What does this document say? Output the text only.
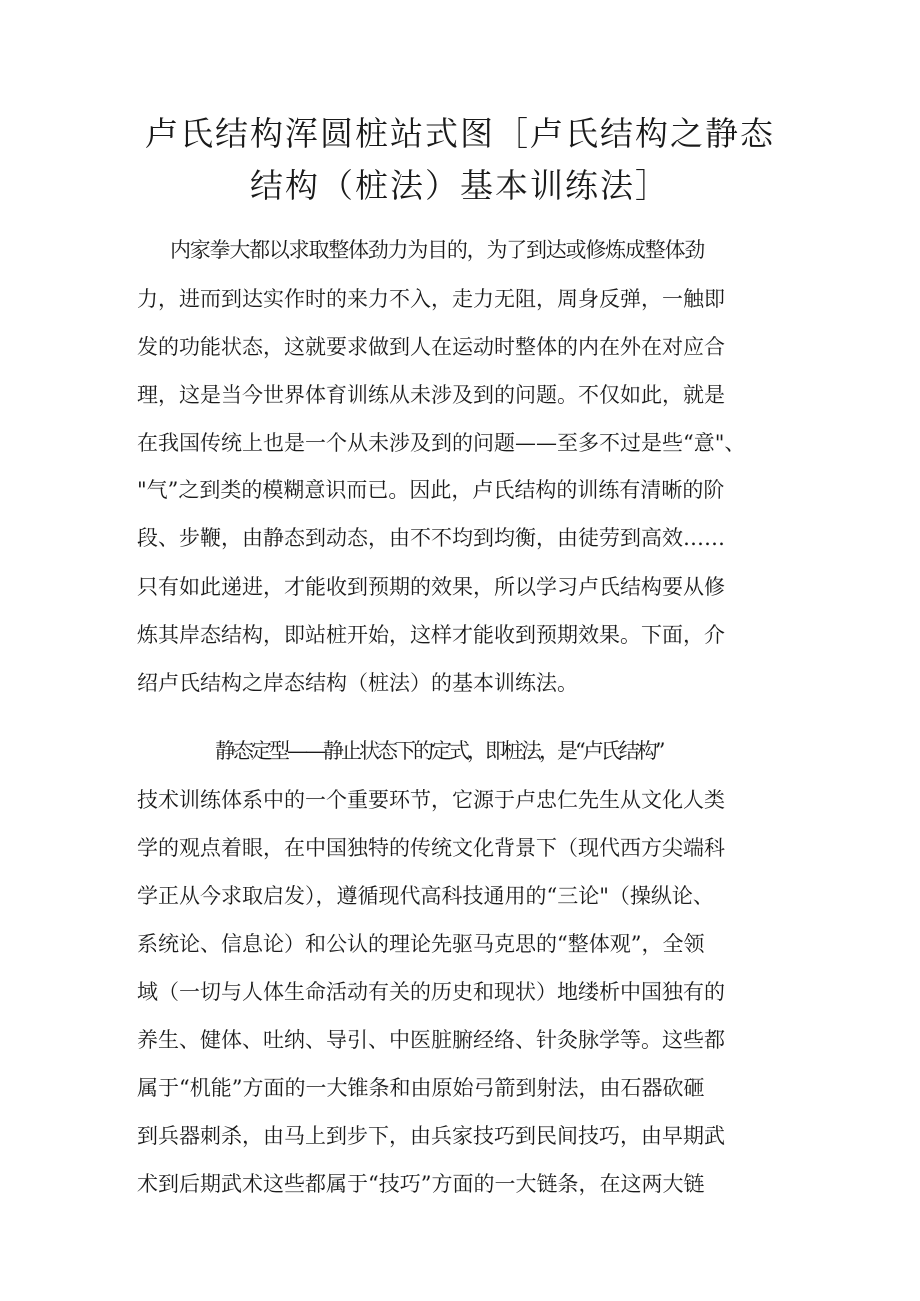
卢氏结构浑圆桩站式图［卢氏结构之静态
结构（桩法）基本训练法］

内家拳大都以求取整体劲力为目的，为了到达或修炼成整体劲

力，进而到达实作时的来力不入，走力无阻，周身反弹，一触即

发的功能状态，这就要求做到人在运动时整体的内在外在对应合

理，这是当今世界体育训练从未涉及到的问题。不仅如此，就是

在我国传统上也是一个从未涉及到的问题——至多不过是些“意"、

"气”之到类的模糊意识而已。因此，卢氏结构的训练有清晰的阶

段、步鞭，由静态到动态，由不不均到均衡，由徒劳到高效……

只有如此递进，才能收到预期的效果，所以学习卢氏结构要从修

炼其岸态结构，即站桩开始，这样才能收到预期效果。下面，介

绍卢氏结构之岸态结构（桩法）的基本训练法。

静态定型——静止状态下的定式，即桩法，是“卢氏结构”

技术训练体系中的一个重要环节，它源于卢忠仁先生从文化人类

学的观点着眼，在中国独特的传统文化背景下（现代西方尖端科

学正从今求取启发），遵循现代高科技通用的“三论"（操纵论、

系统论、信息论）和公认的理论先驱马克思的“整体观”，全领

域（一切与人体生命活动有关的历史和现状）地缕析中国独有的

养生、健体、吐纳、导引、中医脏腑经络、针灸脉学等。这些都

属于“机能”方面的一大锥条和由原始弓箭到射法，由石器砍砸

到兵器刺杀，由马上到步下，由兵家技巧到民间技巧，由早期武

术到后期武术这些都属于“技巧”方面的一大链条，在这两大链
